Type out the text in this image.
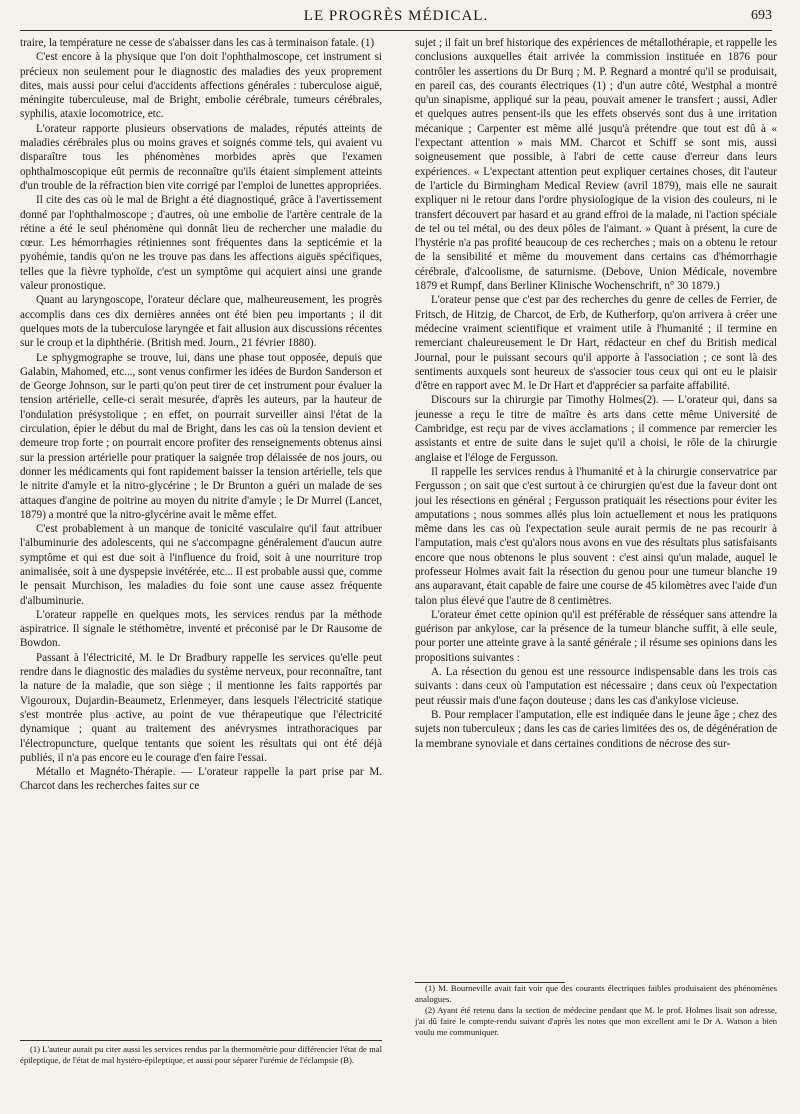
LE PROGRÈS MÉDICAL.	693

traire, la température ne cesse de s'abaisser dans les cas à terminaison fatale. (1)

C'est encore à la physique que l'on doit l'ophthalmoscope, cet instrument si précieux non seulement pour le diagnostic des maladies des yeux proprement dites, mais aussi pour celui d'accidents affections générales : tuberculose aiguë, méningite tuberculeuse, mal de Bright, embolie cérébrale, tumeurs cérébrales, syphilis, ataxie locomotrice, etc.

L'orateur rapporte plusieurs observations de malades, réputés atteints de maladies cérébrales plus ou moins graves et soignés comme tels, qui avaient vu disparaître tous les phénomènes morbides après que l'examen ophthalmoscopique eût permis de reconnaître qu'ils étaient simplement atteints d'un trouble de la réfraction bien vite corrigé par l'emploi de lunettes appropriées.

Il cite des cas où le mal de Bright a été diagnostiqué, grâce à l'avertissement donné par l'ophthalmoscope ; d'autres, où une embolie de l'artère centrale de la rétine a été le seul phénomène qui donnât lieu de rechercher une maladie du cœur. Les hémorrhagies rétiniennes sont fréquentes dans la septicémie et la pyohémie, tandis qu'on ne les trouve pas dans les affections aiguës spécifiques, telles que la fièvre typhoïde, c'est un symptôme qui acquiert ainsi une grande valeur pronostique.

Quant au laryngoscope, l'orateur déclare que, malheureusement, les progrès accomplis dans ces dix dernières années ont été bien peu importants ; il dit quelques mots de la tuberculose laryngée et fait allusion aux discussions récentes sur le croup et la diphthérie. (British med. Journ., 21 février 1880).

Le sphygmographe se trouve, lui, dans une phase tout opposée, depuis que Galabin, Mahomed, etc..., sont venus confirmer les idées de Burdon Sanderson et de George Johnson, sur le parti qu'on peut tirer de cet instrument pour évaluer la tension artérielle, celle-ci serait mesurée, d'après les auteurs, par la hauteur de l'ondulation présystolique ; en effet, on pourrait surveiller ainsi l'état de la circulation, épier le début du mal de Bright, dans les cas où la tension devient et demeure trop forte ; on pourrait encore profiter des renseignements obtenus ainsi sur la pression artérielle pour pratiquer la saignée trop délaissée de nos jours, ou donner les médicaments qui font rapidement baisser la tension artérielle, tels que le nitrite d'amyle et la nitro-glycérine ; le Dr Brunton a guéri un malade de ses attaques d'angine de poitrine au moyen du nitrite d'amyle ; le Dr Murrel (Lancet, 1879) a montré que la nitro-glycérine avait le même effet.

C'est probablement à un manque de tonicité vasculaire qu'il faut attribuer l'albuminurie des adolescents, qui ne s'accompagne généralement d'aucun autre symptôme et qui est due soit à l'influence du froid, soit à une nourriture trop animalisée, soit à une dyspepsie invétérée, etc... Il est probable aussi que, comme le pensait Murchison, les maladies du foie sont une cause assez fréquente d'albuminurie.

L'orateur rappelle en quelques mots, les services rendus par la méthode aspiratrice. Il signale le stéthomètre, inventé et préconisé par le Dr Rausome de Bowdon.

Passant à l'électricité, M. le Dr Bradbury rappelle les services qu'elle peut rendre dans le diagnostic des maladies du système nerveux, pour reconnaître, tant la nature de la maladie, que son siège ; il mentionne les faits rapportés par Vigouroux, Dujardin-Beaumetz, Erlenmeyer, dans lesquels l'électricité statique s'est montrée plus active, au point de vue thérapeutique que l'électricité dynamique ; quant au traitement des anévrysmes intrathoraciques par l'électropuncture, quelque tentants que soient les résultats qui ont été déjà publiés, il n'a pas encore eu le courage d'en faire l'essai.

Métallo et Magnéto-Thérapie. — L'orateur rappelle la part prise par M. Charcot dans les recherches faites sur ce

(1) L'auteur aurait pu citer aussi les services rendus par la thermométrie pour différencier l'état de mal épileptique, de l'état de mal hystéro-épileptique, et aussi pour séparer l'urémie de l'éclampsie (B).

sujet ; il fait un bref historique des expériences de métallothérapie, et rappelle les conclusions auxquelles était arrivée la commission instituée en 1876 pour contrôler les assertions du Dr Burq ; M. P. Regnard a montré qu'il se produisait, en pareil cas, des courants électriques (1) ; d'un autre côté, Westphal a montré qu'un sinapisme, appliqué sur la peau, pouvait amener le transfert ; aussi, Adler et quelques autres pensent-ils que les effets observés sont dus à une irritation mécanique ; Carpenter est même allé jusqu'à prétendre que tout est dû à « l'expectant attention » mais MM. Charcot et Schiff se sont mis, aussi soigneusement que possible, à l'abri de cette cause d'erreur dans leurs expériences. « L'expectant attention peut expliquer certaines choses, dit l'auteur de l'article du Birmingham Medical Review (avril 1879), mais elle ne saurait expliquer ni le retour dans l'ordre physiologique de la vision des couleurs, ni le transfert découvert par hasard et au grand effroi de la malade, ni l'action spéciale de tel ou tel métal, ou des deux pôles de l'aimant. » Quant à présent, la cure de l'hystérie n'a pas profité beaucoup de ces recherches ; mais on a obtenu le retour de la sensibilité et même du mouvement dans certains cas d'hémorrhagie cérébrale, d'alcoolisme, de saturnisme. (Debove, Union Médicale, novembre 1879 et Rumpf, dans Berliner Klinische Wochenschrift, n° 30 1879.)

L'orateur pense que c'est par des recherches du genre de celles de Ferrier, de Fritsch, de Hitzig, de Charcot, de Erb, de Kutherforp, qu'on arrivera à créer une médecine vraiment scientifique et vraiment utile à l'humanité ; il termine en remerciant chaleureusement le Dr Hart, rédacteur en chef du British medical Journal, pour le puissant secours qu'il apporte à l'association ; ce sont là des sentiments auxquels sont heureux de s'associer tous ceux qui ont eu le plaisir d'être en rapport avec M. le Dr Hart et d'apprécier sa parfaite affabilité.

Discours sur la chirurgie par Timothy Holmes(2). — L'orateur qui, dans sa jeunesse a reçu le titre de maître ès arts dans cette même Université de Cambridge, est reçu par de vives acclamations ; il commence par remercier les assistants et entre de suite dans le sujet qu'il a choisi, le rôle de la chirurgie anglaise et l'éloge de Fergusson.

Il rappelle les services rendus à l'humanité et à la chirurgie conservatrice par Fergusson ; on sait que c'est surtout à ce chirurgien qu'est due la faveur dont ont joui les résections en général ; Fergusson pratiquait les résections pour éviter les amputations ; nous sommes allés plus loin actuellement et nous les pratiquons même dans les cas où l'expectation seule aurait permis de ne pas recourir à l'amputation, mais c'est qu'alors nous avons en vue des résultats plus satisfaisants encore que nous obtenons le plus souvent : c'est ainsi qu'un malade, auquel le professeur Holmes avait fait la résection du genou pour une tumeur blanche 19 ans auparavant, était capable de faire une course de 45 kilomètres avec l'aide d'un talon plus élevé que l'autre de 8 centimètres.

L'orateur émet cette opinion qu'il est préférable de résséquer sans attendre la guérison par ankylose, car la présence de la tumeur blanche suffit, à elle seule, pour porter une atteinte grave à la santé générale ; il résume ses opinions dans les propositions suivantes :

A. La résection du genou est une ressource indispensable dans les trois cas suivants : dans ceux où l'amputation est nécessaire ; dans ceux où l'expectation peut réussir mais d'une façon douteuse ; dans les cas d'ankylose vicieuse.

B. Pour remplacer l'amputation, elle est indiquée dans le jeune âge ; chez des sujets non tuberculeux ; dans les cas de caries limitées des os, de dégénération de la membrane synoviale et dans certaines conditions de nécrose des sur-

(1) M. Bourneville avait fait voir que des courants électriques faibles produisaient des phénomènes analogues.

(2) Ayant été retenu dans la section de médecine pendant que M. le prof. Holmes lisait son adresse, j'ai dû faire le compte-rendu suivant d'après les notes que mon excellent ami le Dr A. Watson a bien voulu me communiquer.
